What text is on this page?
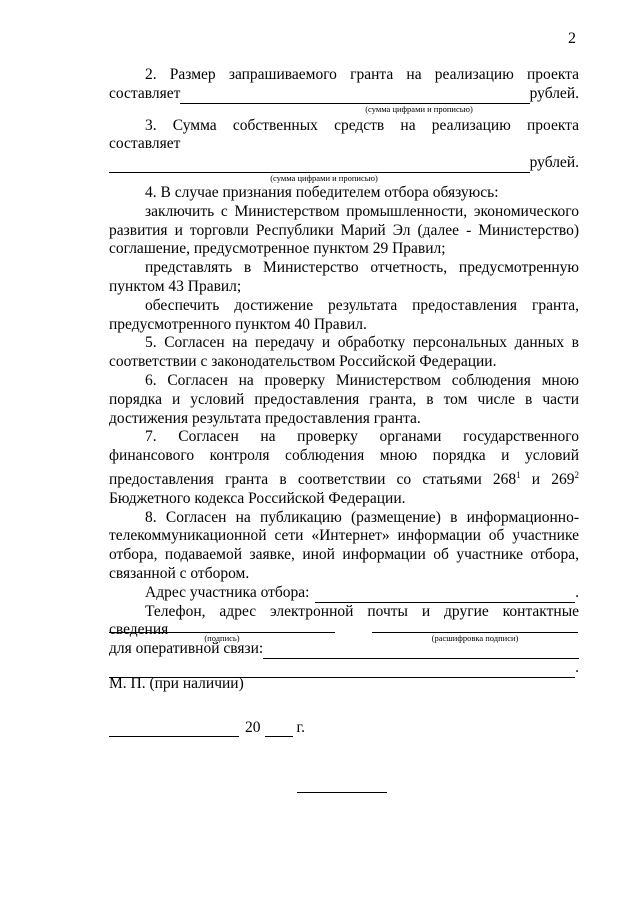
2

2. Размер запрашиваемого гранта на реализацию проекта

составляет	рублей.
(сумма цифрами и прописью)

3. Сумма собственных средств на реализацию проекта составляет

рублей.
(сумма цифрами и прописью)

4. В случае признания победителем отбора обязуюсь:

заключить с Министерством промышленности, экономического развития и торговли Республики Марий Эл (далее - Министерство) соглашение, предусмотренное пунктом 29 Правил;

представлять в Министерство отчетность, предусмотренную пунктом 43 Правил;

обеспечить достижение результата предоставления гранта, предусмотренного пунктом 40 Правил.

5. Согласен на передачу и обработку персональных данных в соответствии с законодательством Российской Федерации.

6. Согласен на проверку Министерством соблюдения мною порядка и условий предоставления гранта, в том числе в части достижения результата предоставления гранта.

7. Согласен на проверку органами государственного финансового контроля соблюдения мною порядка и условий предоставления гранта в соответствии со статьями $268^1$ и $269^2$ Бюджетного кодекса Российской Федерации.

8. Согласен на публикацию (размещение) в информационно-телекоммуникационной сети «Интернет» информации об участнике отбора, подаваемой заявке, иной информации об участнике отбора, связанной с отбором.

Адрес участника отбора:	.

Телефон, адрес электронной почты и другие контактные сведения

для оперативной связи:
.
(подпись)	(расшифровка подписи)
М. П. (при наличии)
20 г.
